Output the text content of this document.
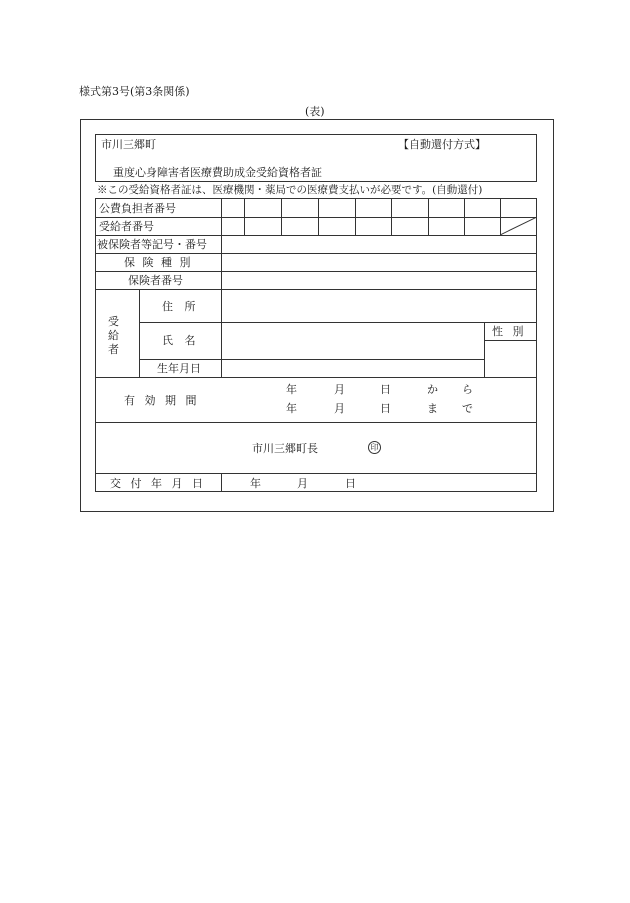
様式第3号(第3条関係)
(表)
市川三郷町	【自動還付方式】
重度心身障害者医療費助成金受給資格者証
※この受給資格者証は、医療機関・薬局での医療費支払いが必要です。(自動還付)
公費負担者番号
受給者番号
被保険者等記号・番号
保 険 種 別
保険者番号
受
給
者
住 所
氏 名
生年月日
性 別
有 効 期 間
年	月	日	か ら
年	月	日	ま で
市川三郷町長	印
交 付 年 月 日	年	月	日
